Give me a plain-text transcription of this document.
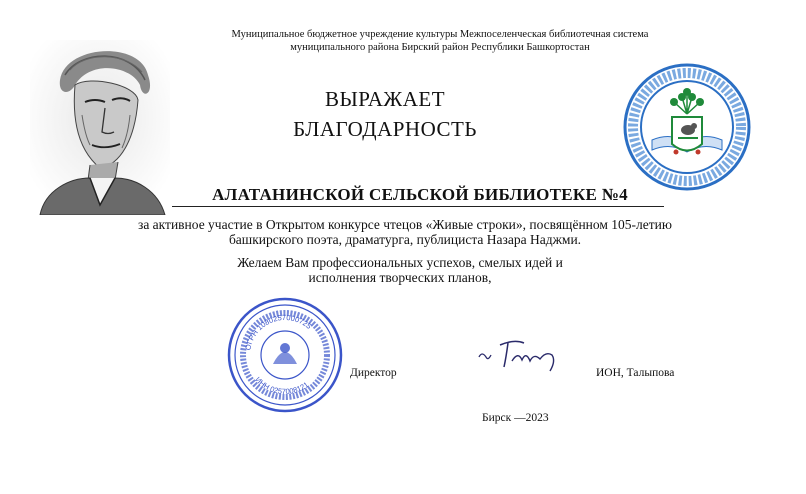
Муниципальное бюджетное учреждение культуры Межпоселенческая библиотечная система
муниципального района Бирский район Республики Башкортостан
ВЫРАЖАЕТ
БЛАГОДАРНОСТЬ
АЛАТАНИНСКОЙ СЕЛЬСКОЙ БИБЛИОТЕКЕ №4
за активное участие в Открытом конкурсе чтецов «Живые строки», посвящённом 105-летию
башкирского поэта, драматурга, публициста Назара Наджми.
Желаем Вам профессиональных успехов, смелых идей и
исполнения творческих планов,
ОГРН 1080257000725
ИНН 0257008121
Директор	ИОН, Талыпова
Бирск —2023
